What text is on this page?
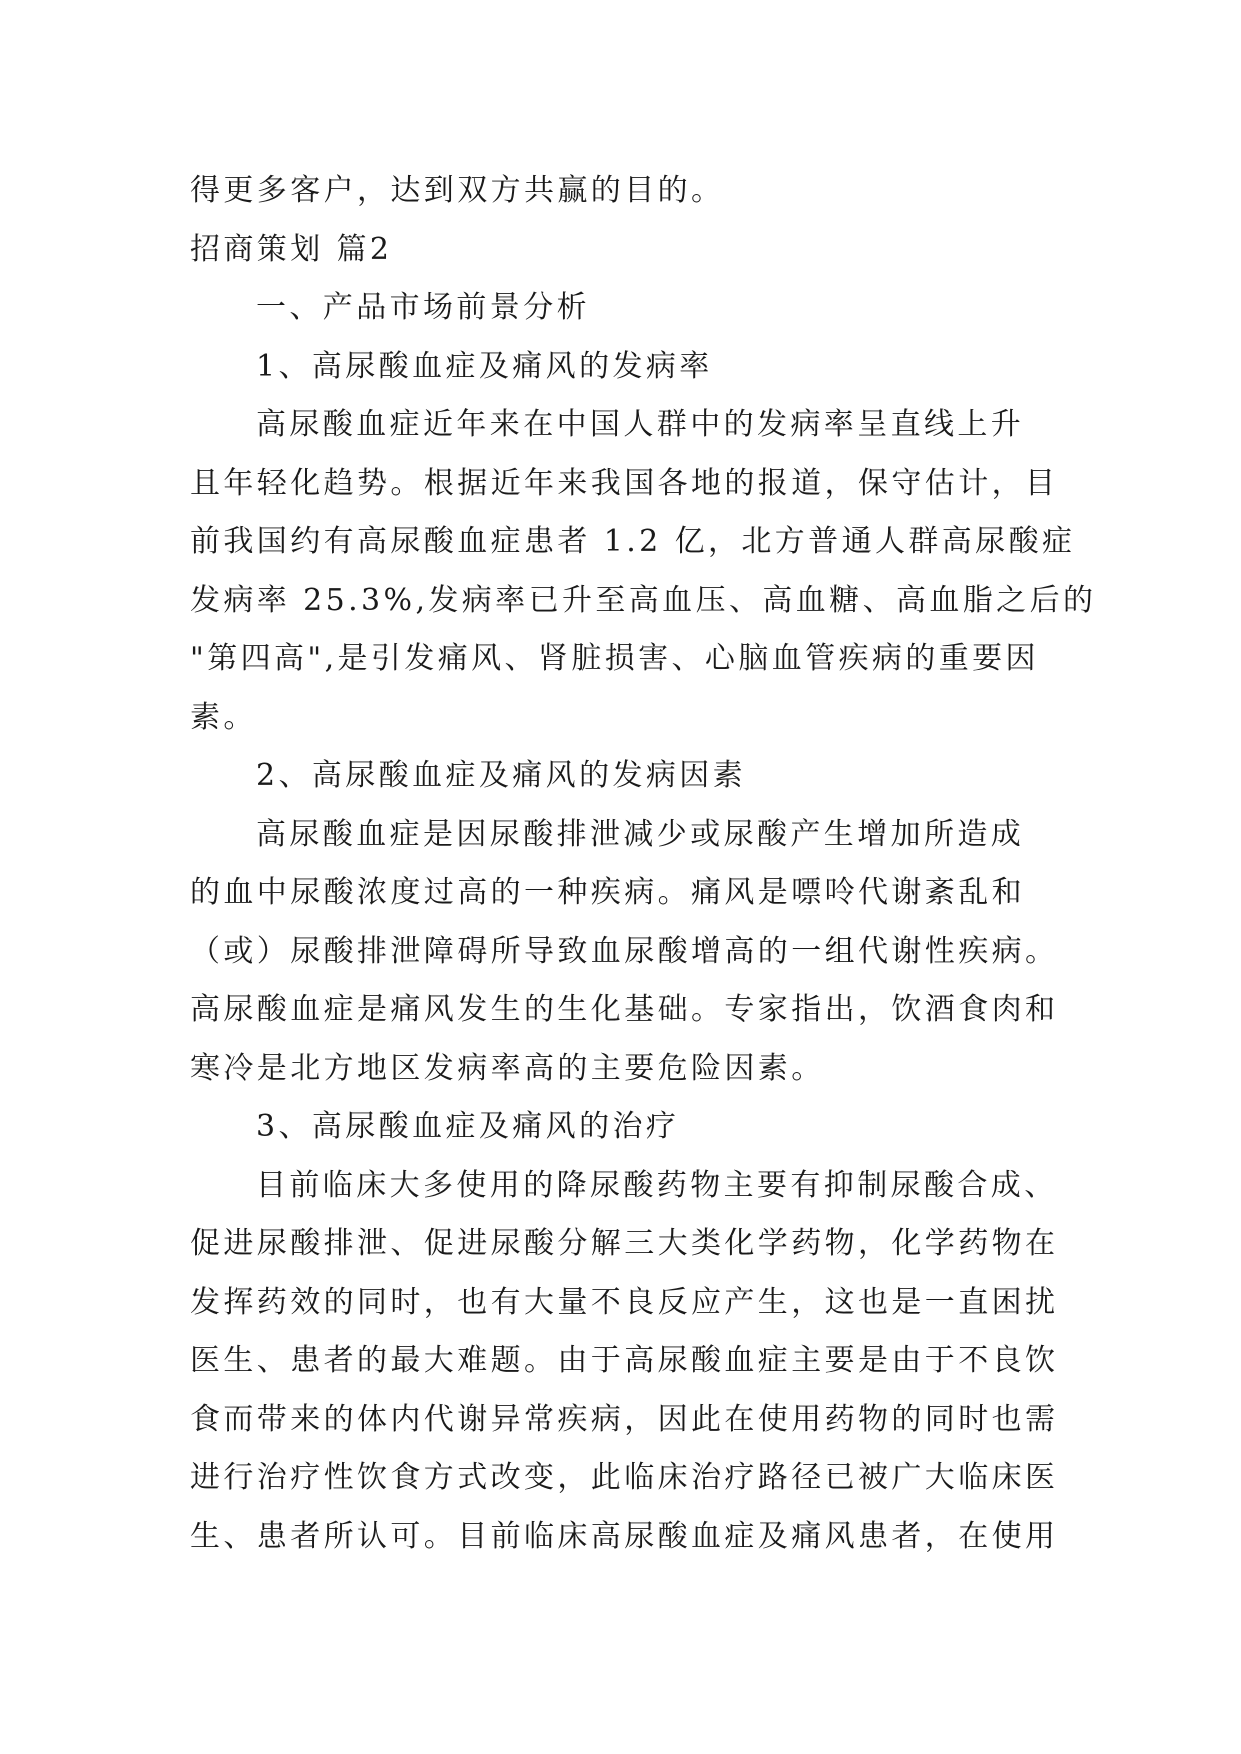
得更多客户，达到双方共赢的目的。
招商策划 篇2
一、产品市场前景分析
1、高尿酸血症及痛风的发病率
高尿酸血症近年来在中国人群中的发病率呈直线上升
且年轻化趋势。根据近年来我国各地的报道，保守估计，目
前我国约有高尿酸血症患者 1.2 亿，北方普通人群高尿酸症
发病率 25.3%,发病率已升至高血压、高血糖、高血脂之后的
"第四高",是引发痛风、肾脏损害、心脑血管疾病的重要因
素。
2、高尿酸血症及痛风的发病因素
高尿酸血症是因尿酸排泄减少或尿酸产生增加所造成
的血中尿酸浓度过高的一种疾病。痛风是嘌呤代谢紊乱和
（或）尿酸排泄障碍所导致血尿酸增高的一组代谢性疾病。
高尿酸血症是痛风发生的生化基础。专家指出，饮酒食肉和
寒冷是北方地区发病率高的主要危险因素。
3、高尿酸血症及痛风的治疗
目前临床大多使用的降尿酸药物主要有抑制尿酸合成、
促进尿酸排泄、促进尿酸分解三大类化学药物，化学药物在
发挥药效的同时，也有大量不良反应产生，这也是一直困扰
医生、患者的最大难题。由于高尿酸血症主要是由于不良饮
食而带来的体内代谢异常疾病，因此在使用药物的同时也需
进行治疗性饮食方式改变，此临床治疗路径已被广大临床医
生、患者所认可。目前临床高尿酸血症及痛风患者，在使用
